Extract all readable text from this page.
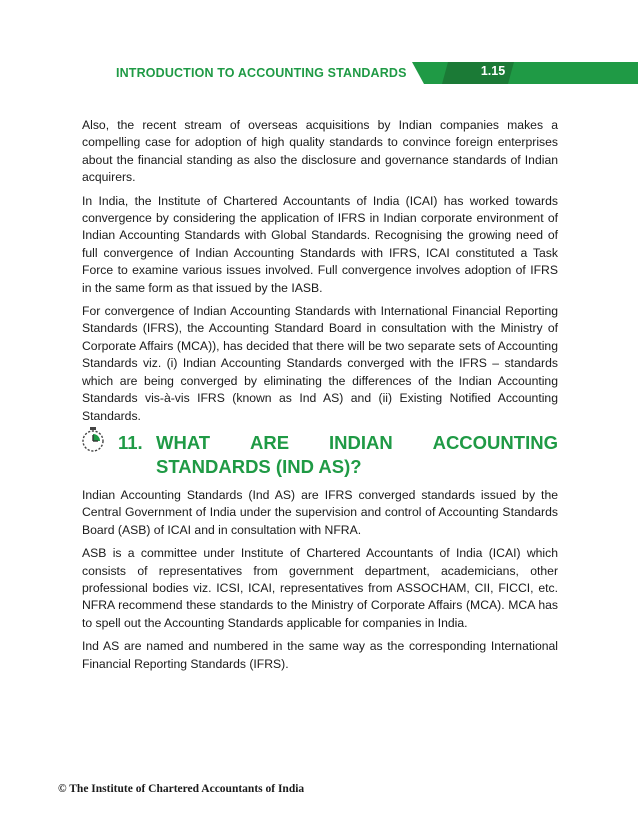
INTRODUCTION TO ACCOUNTING STANDARDS	1.15

Also, the recent stream of overseas acquisitions by Indian companies makes a compelling case for adoption of high quality standards to convince foreign enterprises about the financial standing as also the disclosure and governance standards of Indian acquirers.

In India, the Institute of Chartered Accountants of India (ICAI) has worked towards convergence by considering the application of IFRS in Indian corporate environment of Indian Accounting Standards with Global Standards. Recognising the growing need of full convergence of Indian Accounting Standards with IFRS, ICAI constituted a Task Force to examine various issues involved. Full convergence involves adoption of IFRS in the same form as that issued by the IASB.

For convergence of Indian Accounting Standards with International Financial Reporting Standards (IFRS), the Accounting Standard Board in consultation with the Ministry of Corporate Affairs (MCA)), has decided that there will be two separate sets of Accounting Standards viz. (i) Indian Accounting Standards converged with the IFRS – standards which are being converged by eliminating the differences of the Indian Accounting Standards vis-à-vis IFRS (known as Ind AS) and (ii) Existing Notified Accounting Standards.

11. WHAT ARE INDIAN ACCOUNTING
STANDARDS (IND AS)?

Indian Accounting Standards (Ind AS) are IFRS converged standards issued by the Central Government of India under the supervision and control of Accounting Standards Board (ASB) of ICAI and in consultation with NFRA.

ASB is a committee under Institute of Chartered Accountants of India (ICAI) which consists of representatives from government department, academicians, other professional bodies viz. ICSI, ICAI, representatives from ASSOCHAM, CII, FICCI, etc. NFRA recommend these standards to the Ministry of Corporate Affairs (MCA). MCA has to spell out the Accounting Standards applicable for companies in India.

Ind AS are named and numbered in the same way as the corresponding International Financial Reporting Standards (IFRS).

© The Institute of Chartered Accountants of India
